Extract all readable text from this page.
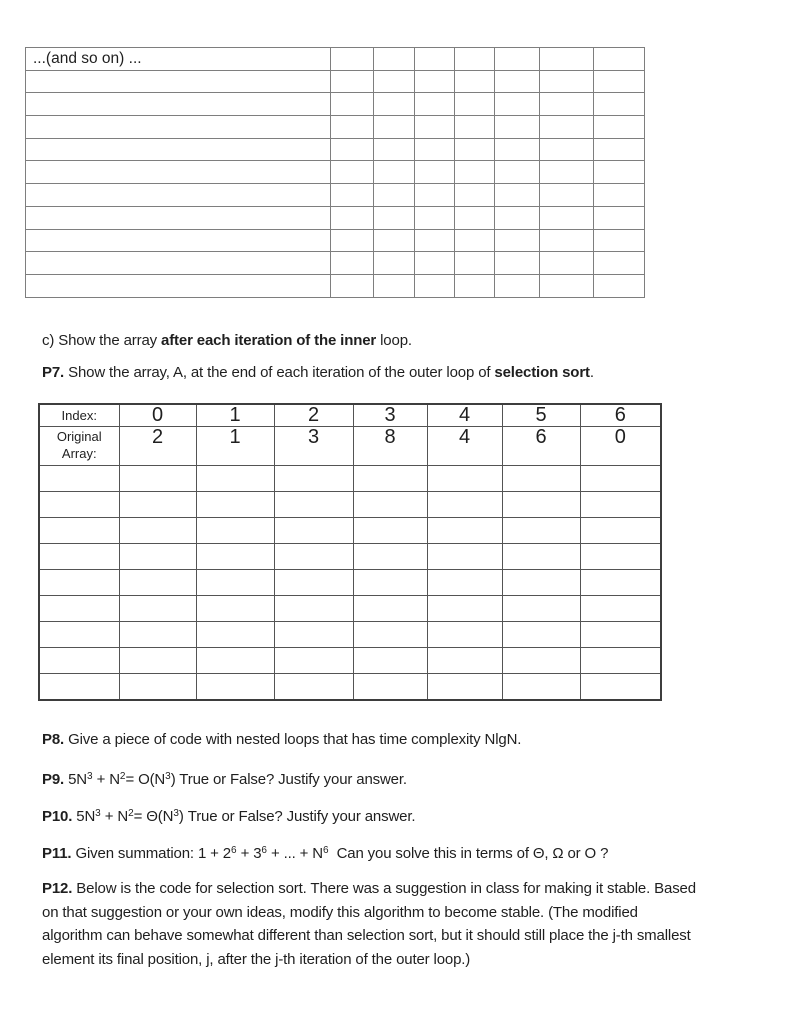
...(and so on) ...							

c) Show the array after each iteration of the inner loop.
P7. Show the array, A, at the end of each iteration of the outer loop of selection sort.
Index:	0	1	2	3	4	5	6
Original Array:	2	1	3	8	4	6	0

P8. Give a piece of code with nested loops that has time complexity NlgN.
P9. $5N^3 + N^2= O(N^3)$ True or False? Justify your answer.
P10. $5N^3 + N^2= \Theta(N^3)$ True or False? Justify your answer.
P11. Given summation: $1 + 2^6 + 3^6$ + ... + $N^6$  Can you solve this in terms of Θ, Ω or O ?
P12. Below is the code for selection sort. There was a suggestion in class for making it stable. Based
on that suggestion or your own ideas, modify this algorithm to become stable. (The modified
algorithm can behave somewhat different than selection sort, but it should still place the j-th smallest
element its final position, j, after the j-th iteration of the outer loop.)
